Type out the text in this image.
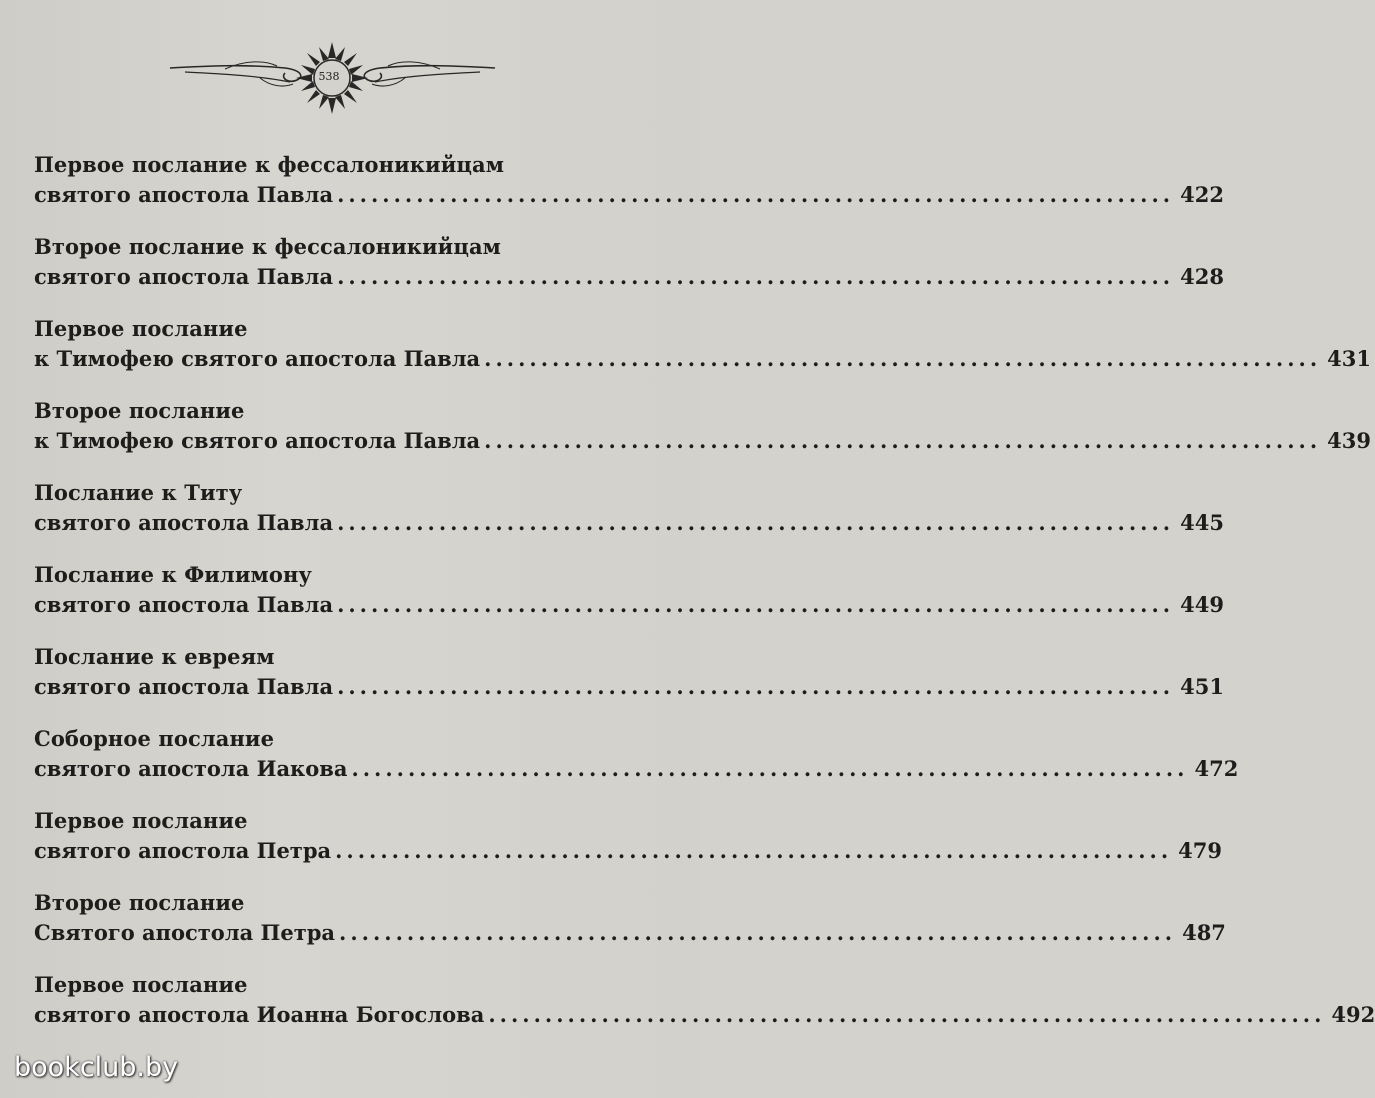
538
Первое послание к фессалоникийцам
святого апостола Павла .......................................................................... 422
Второе послание к фессалоникийцам
святого апостола Павла .......................................................................... 428
Первое послание
к Тимофею святого апостола Павла .......................................................................... 431
Второе послание
к Тимофею святого апостола Павла .......................................................................... 439
Послание к Титу
святого апостола Павла .......................................................................... 445
Послание к Филимону
святого апостола Павла .......................................................................... 449
Послание к евреям
святого апостола Павла .......................................................................... 451
Соборное послание
святого апостола Иакова .......................................................................... 472
Первое послание
святого апостола Петра .......................................................................... 479
Второе послание
Святого апостола Петра .......................................................................... 487
Первое послание
святого апостола Иоанна Богослова .......................................................................... 492
bookclub.by
